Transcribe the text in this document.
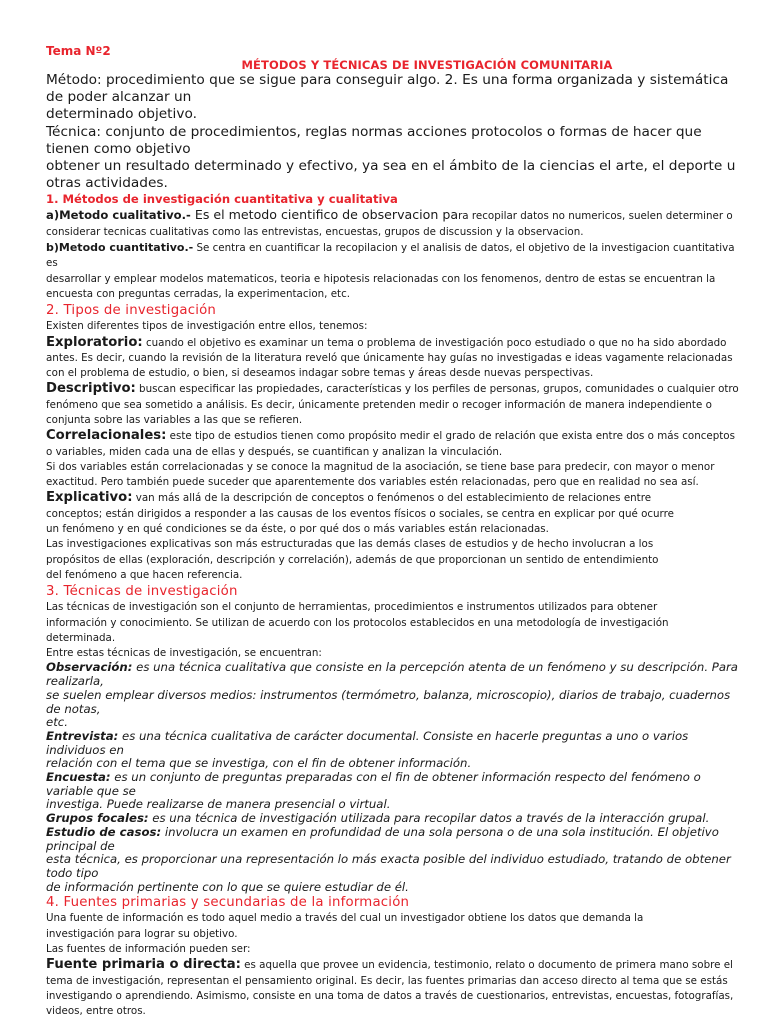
Tema Nº2

MÉTODOS Y TÉCNICAS DE INVESTIGACIÓN COMUNITARIA

Método: procedimiento que se sigue para conseguir algo. 2. Es una forma organizada y sistemática de poder alcanzar un

determinado objetivo.

Técnica: conjunto de procedimientos, reglas normas acciones protocolos o formas de hacer que tienen como objetivo

obtener un resultado determinado y efectivo, ya sea en el ámbito de la ciencias el arte, el deporte u otras actividades.

1. Métodos de investigación cuantitativa y cualitativa

a)Metodo cualitativo.- Es el metodo cientifico de observacion para recopilar datos no numericos, suelen determiner o

considerar tecnicas cualitativas como las entrevistas, encuestas, grupos de discussion y la observacion.

b)Metodo cuantitativo.- Se centra en cuantificar la recopilacion y el analisis de datos, el objetivo de la investigacion cuantitativa es

desarrollar y emplear modelos matematicos, teoria e hipotesis relacionadas con los fenomenos, dentro de estas se encuentran la

encuesta con preguntas cerradas, la experimentacion, etc.

2. Tipos de investigación

Existen diferentes tipos de investigación entre ellos, tenemos:

Exploratorio: cuando el objetivo es examinar un tema o problema de investigación poco estudiado o que no ha sido abordado

antes. Es decir, cuando la revisión de la literatura reveló que únicamente hay guías no investigadas e ideas vagamente relacionadas

con el problema de estudio, o bien, si deseamos indagar sobre temas y áreas desde nuevas perspectivas.

Descriptivo: buscan especificar las propiedades, características y los perfiles de personas, grupos, comunidades o cualquier otro

fenómeno que sea sometido a análisis. Es decir, únicamente pretenden medir o recoger información de manera independiente o

conjunta sobre las variables a las que se refieren.

Correlacionales: este tipo de estudios tienen como propósito medir el grado de relación que exista entre dos o más conceptos

o variables, miden cada una de ellas y después, se cuantifican y analizan la vinculación.

Si dos variables están correlacionadas y se conoce la magnitud de la asociación, se tiene base para predecir, con mayor o menor

exactitud. Pero también puede suceder que aparentemente dos variables estén relacionadas, pero que en realidad no sea así.

Explicativo: van más allá de la descripción de conceptos o fenómenos o del establecimiento de relaciones entre

conceptos; están dirigidos a responder a las causas de los eventos físicos o sociales, se centra en explicar por qué ocurre

un fenómeno y en qué condiciones se da éste, o por qué dos o más variables están relacionadas.

Las investigaciones explicativas son más estructuradas que las demás clases de estudios y de hecho involucran a los

propósitos de ellas (exploración, descripción y correlación), además de que proporcionan un sentido de entendimiento

del fenómeno a que hacen referencia.

3. Técnicas de investigación

Las técnicas de investigación son el conjunto de herramientas, procedimientos e instrumentos utilizados para obtener

información y conocimiento. Se utilizan de acuerdo con los protocolos establecidos en una metodología de investigación

determinada.

Entre estas técnicas de investigación, se encuentran:

Observación: es una técnica cualitativa que consiste en la percepción atenta de un fenómeno y su descripción. Para

realizarla,

se suelen emplear diversos medios: instrumentos (termómetro, balanza, microscopio), diarios de trabajo, cuadernos

de notas,

etc.

Entrevista: es una técnica cualitativa de carácter documental. Consiste en hacerle preguntas a uno o varios

individuos en

relación con el tema que se investiga, con el fin de obtener información.

Encuesta: es un conjunto de preguntas preparadas con el fin de obtener información respecto del fenómeno o

variable que se

investiga. Puede realizarse de manera presencial o virtual.

Grupos focales: es una técnica de investigación utilizada para recopilar datos a través de la interacción grupal.

Estudio de casos: involucra un examen en profundidad de una sola persona o de una sola institución. El objetivo

principal de

esta técnica, es proporcionar una representación lo más exacta posible del individuo estudiado, tratando de obtener

todo tipo

de información pertinente con lo que se quiere estudiar de él.

4. Fuentes primarias y secundarias de la información

Una fuente de información es todo aquel medio a través del cual un investigador obtiene los datos que demanda la

investigación para lograr su objetivo.

Las fuentes de información pueden ser:

Fuente primaria o directa: es aquella que provee un evidencia, testimonio, relato o documento de primera mano sobre el

tema de investigación, representan el pensamiento original. Es decir, las fuentes primarias dan acceso directo al tema que se estás

investigando o aprendiendo. Asimismo, consiste en una toma de datos a través de cuestionarios, entrevistas, encuestas, fotografías,

videos, entre otros.
